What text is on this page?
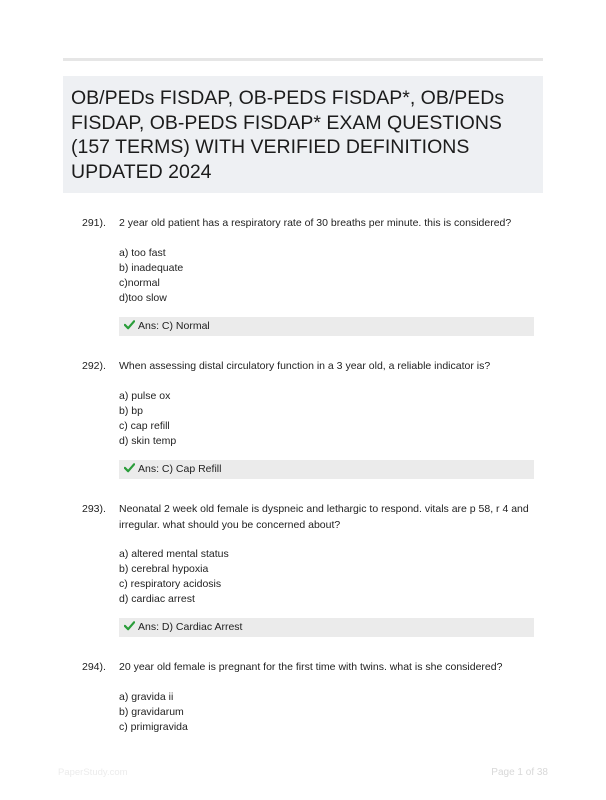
OB/PEDs FISDAP, OB-PEDS FISDAP*, OB/PEDs FISDAP, OB-PEDS FISDAP* EXAM QUESTIONS (157 TERMS) WITH VERIFIED DEFINITIONS UPDATED 2024
291). 2 year old patient has a respiratory rate of 30 breaths per minute. this is considered?
a) too fast
b) inadequate
c)normal
d)too slow
Ans: C) Normal
292). When assessing distal circulatory function in a 3 year old, a reliable indicator is?
a) pulse ox
b) bp
c) cap refill
d) skin temp
Ans: C) Cap Refill
293). Neonatal 2 week old female is dyspneic and lethargic to respond. vitals are p 58, r 4 and irregular. what should you be concerned about?
a) altered mental status
b) cerebral hypoxia
c) respiratory acidosis
d) cardiac arrest
Ans: D) Cardiac Arrest
294). 20 year old female is pregnant for the first time with twins. what is she considered?
a) gravida ii
b) gravidarum
c) primigravida
PaperStudy.com	Page 1 of 38
